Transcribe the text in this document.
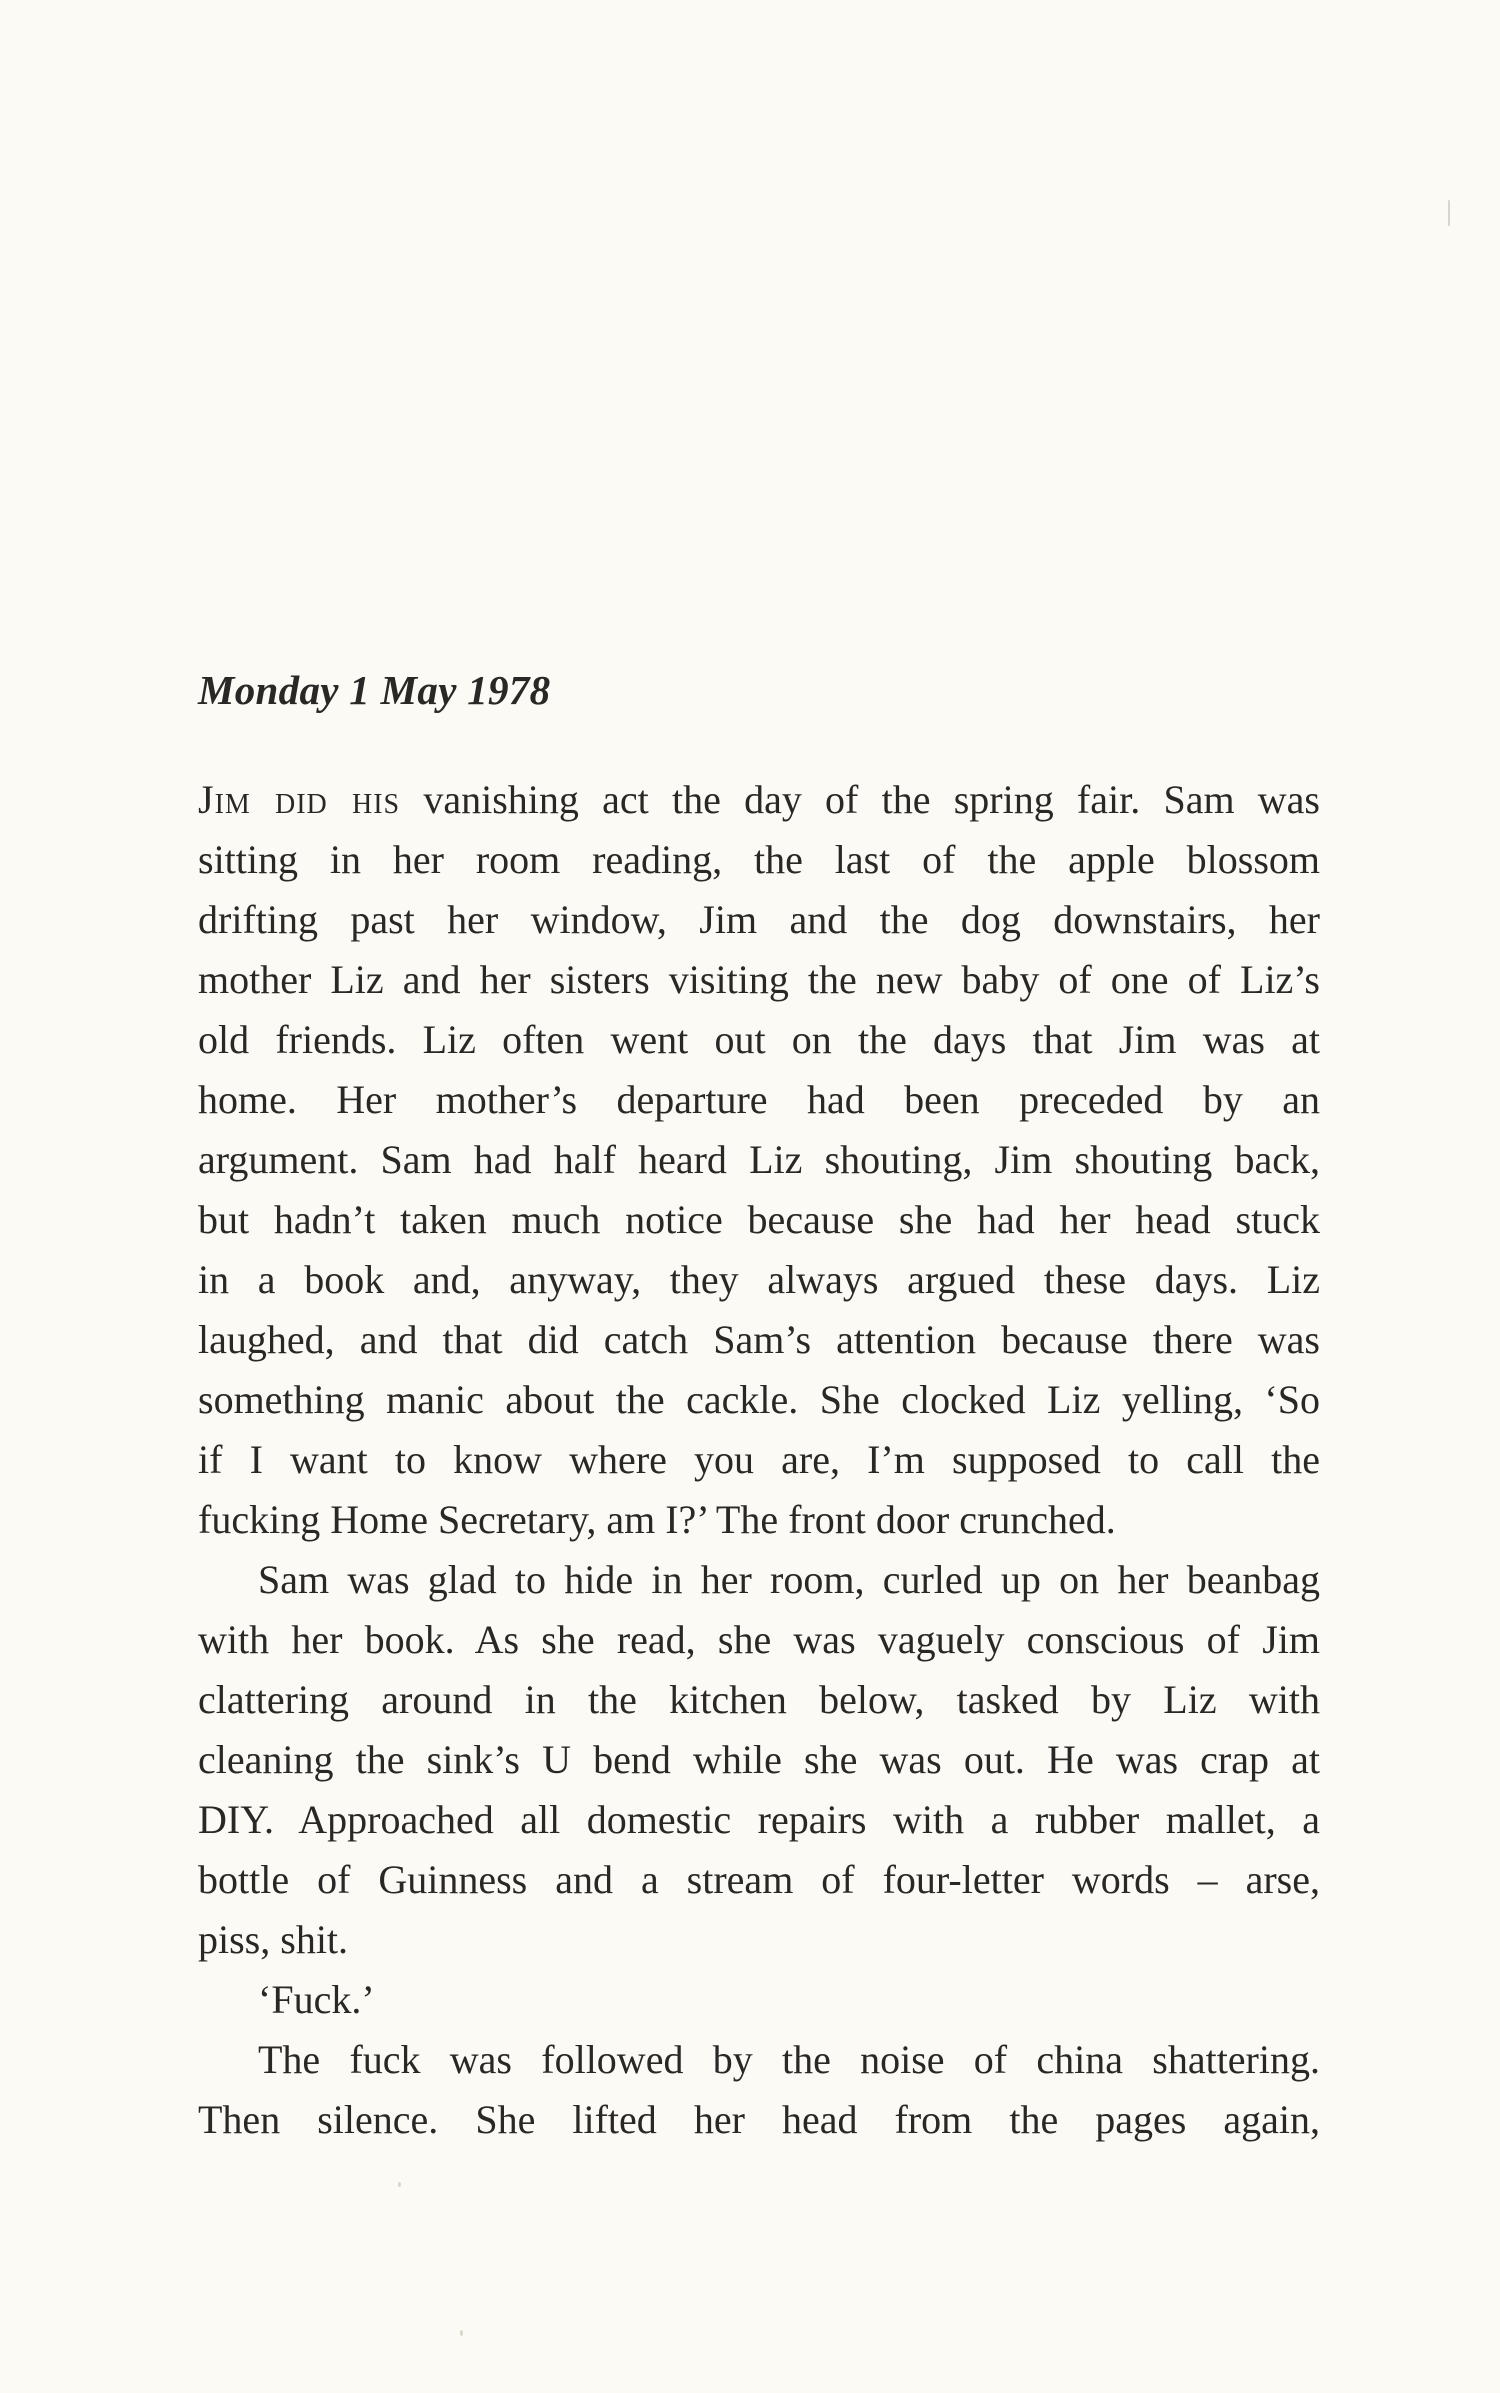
Monday 1 May 1978
Jim did his vanishing act the day of the spring fair. Sam was
sitting in her room reading, the last of the apple blossom
drifting past her window, Jim and the dog downstairs, her
mother Liz and her sisters visiting the new baby of one of Liz’s
old friends. Liz often went out on the days that Jim was at
home. Her mother’s departure had been preceded by an
argument. Sam had half heard Liz shouting, Jim shouting back,
but hadn’t taken much notice because she had her head stuck
in a book and, anyway, they always argued these days. Liz
laughed, and that did catch Sam’s attention because there was
something manic about the cackle. She clocked Liz yelling, ‘So
if I want to know where you are, I’m supposed to call the
fucking Home Secretary, am I?’ The front door crunched.
Sam was glad to hide in her room, curled up on her beanbag
with her book. As she read, she was vaguely conscious of Jim
clattering around in the kitchen below, tasked by Liz with
cleaning the sink’s U bend while she was out. He was crap at
DIY. Approached all domestic repairs with a rubber mallet, a
bottle of Guinness and a stream of four-letter words – arse,
piss, shit.
‘Fuck.’
The fuck was followed by the noise of china shattering.
Then silence. She lifted her head from the pages again,
